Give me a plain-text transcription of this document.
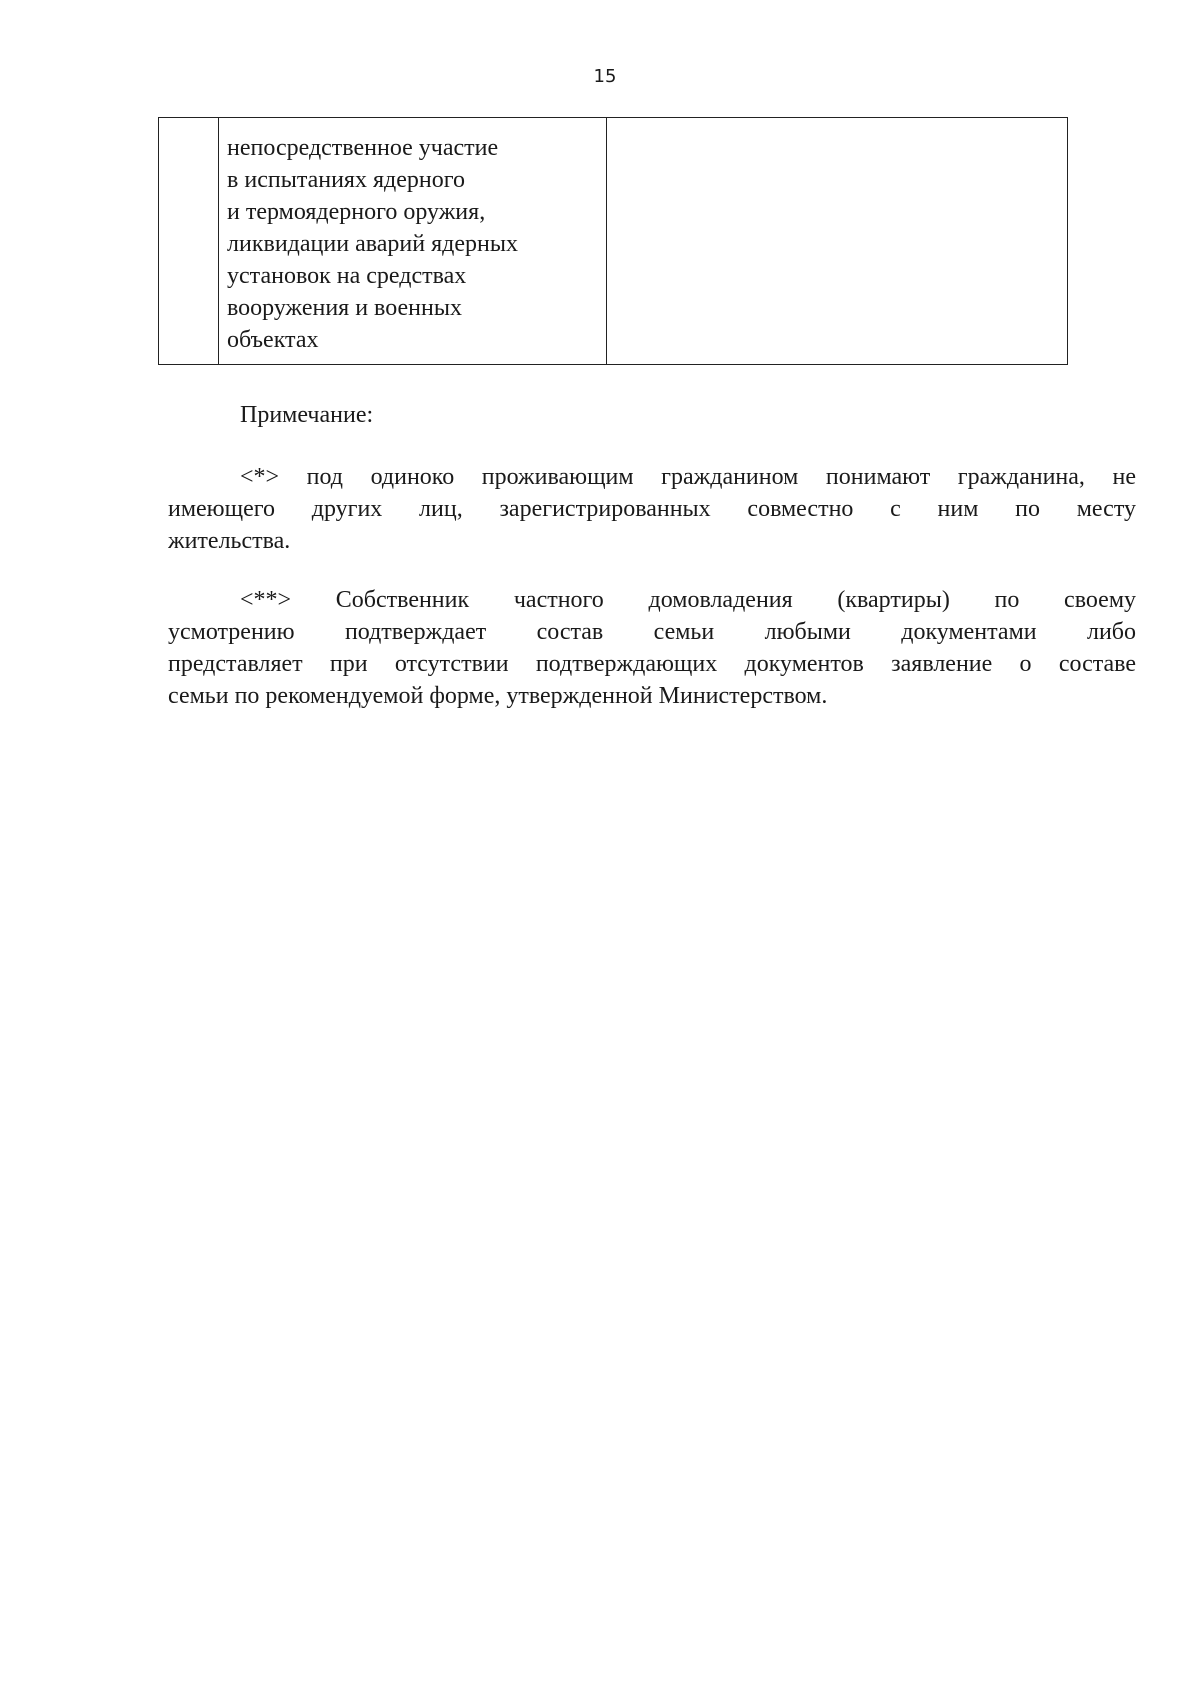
15

непосредственное участие
в испытаниях ядерного
и термоядерного оружия,
ликвидации аварий ядерных
установок на средствах
вооружения и военных
объектах

Примечание:
<*> под одиноко проживающим гражданином понимают гражданина, не
имеющего других лиц, зарегистрированных совместно с ним по месту
жительства.
<**> Собственник частного домовладения (квартиры) по своему
усмотрению подтверждает состав семьи любыми документами либо
представляет при отсутствии подтверждающих документов заявление о составе
семьи по рекомендуемой форме, утвержденной Министерством.
